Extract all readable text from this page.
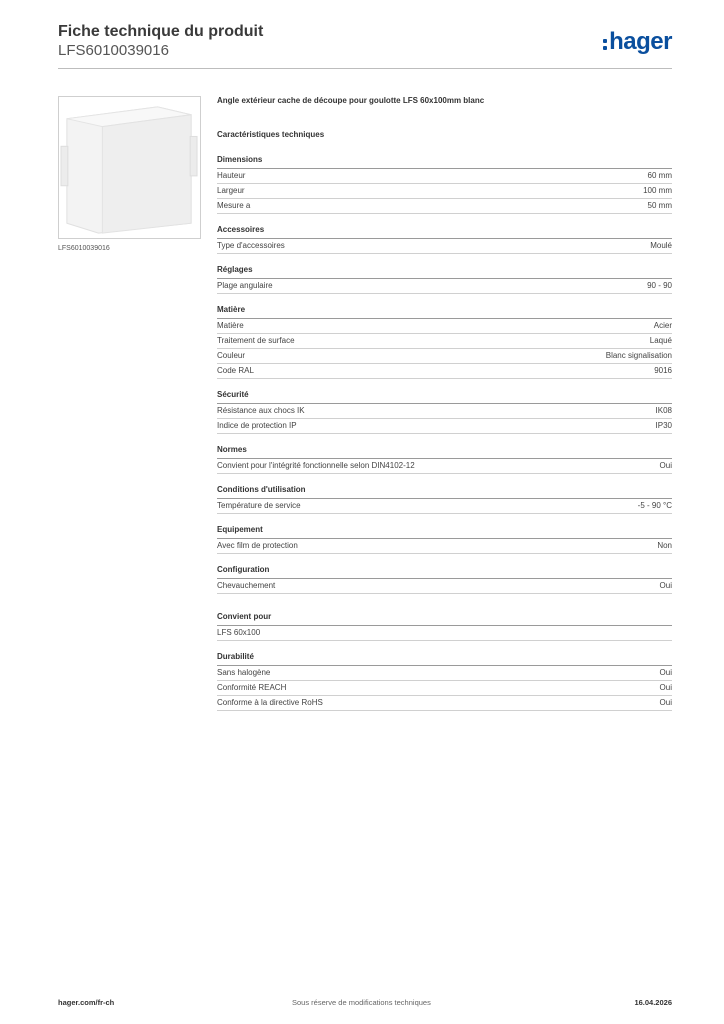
Fiche technique du produit
LFS6010039016	hager
LFS6010039016
Angle extérieur cache de découpe pour goulotte LFS 60x100mm blanc
Caractéristiques techniques
Dimensions
Hauteur	60 mm
Largeur	100 mm
Mesure a	50 mm
Accessoires
Type d'accessoires	Moulé
Réglages
Plage angulaire	90 - 90
Matière
Matière	Acier
Traitement de surface	Laqué
Couleur	Blanc signalisation
Code RAL	9016
Sécurité
Résistance aux chocs IK	IK08
Indice de protection IP	IP30
Normes
Convient pour l'intégrité fonctionnelle selon DIN4102-12	Oui
Conditions d'utilisation
Température de service	-5 - 90 °C
Equipement
Avec film de protection	Non
Configuration
Chevauchement	Oui
Convient pour
LFS 60x100
Durabilité
Sans halogène	Oui
Conformité REACH	Oui
Conforme à la directive RoHS	Oui
hager.com/fr-ch	Sous réserve de modifications techniques	16.04.2026
